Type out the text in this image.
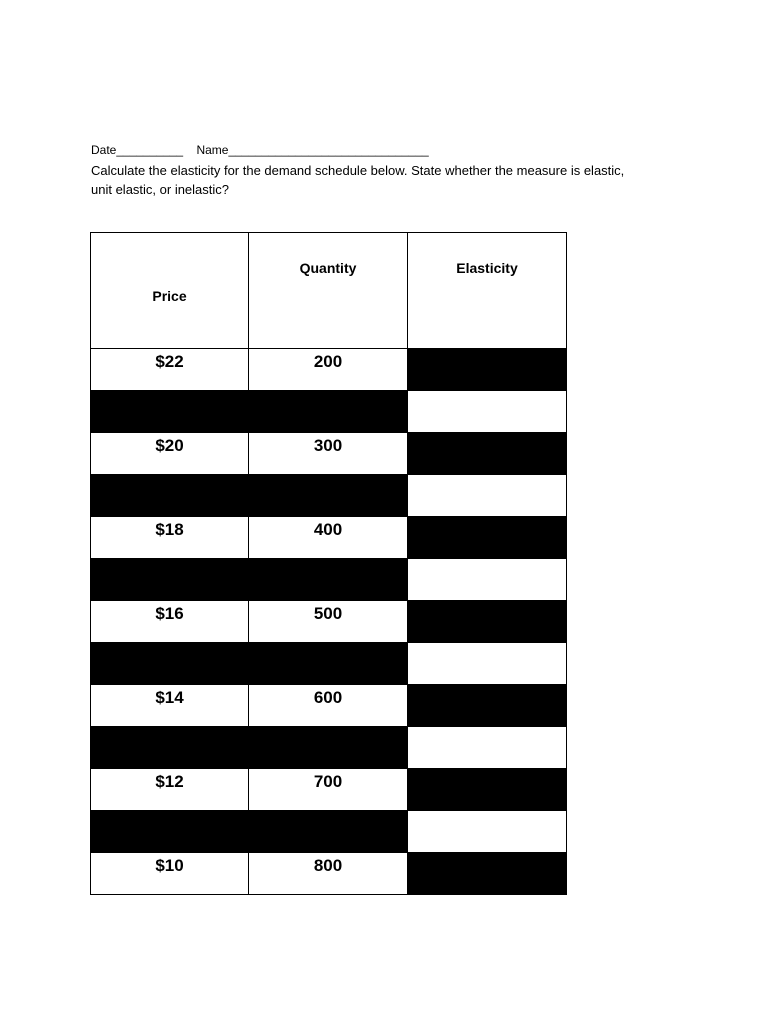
Date__________ Name______________________________
Calculate the elasticity for the demand schedule below. State whether the measure is elastic,
unit elastic, or inelastic?
Price	Quantity	Elasticity
$22	200	

$20	300	

$18	400	

$16	500	

$14	600	

$12	700	

$10	800	
